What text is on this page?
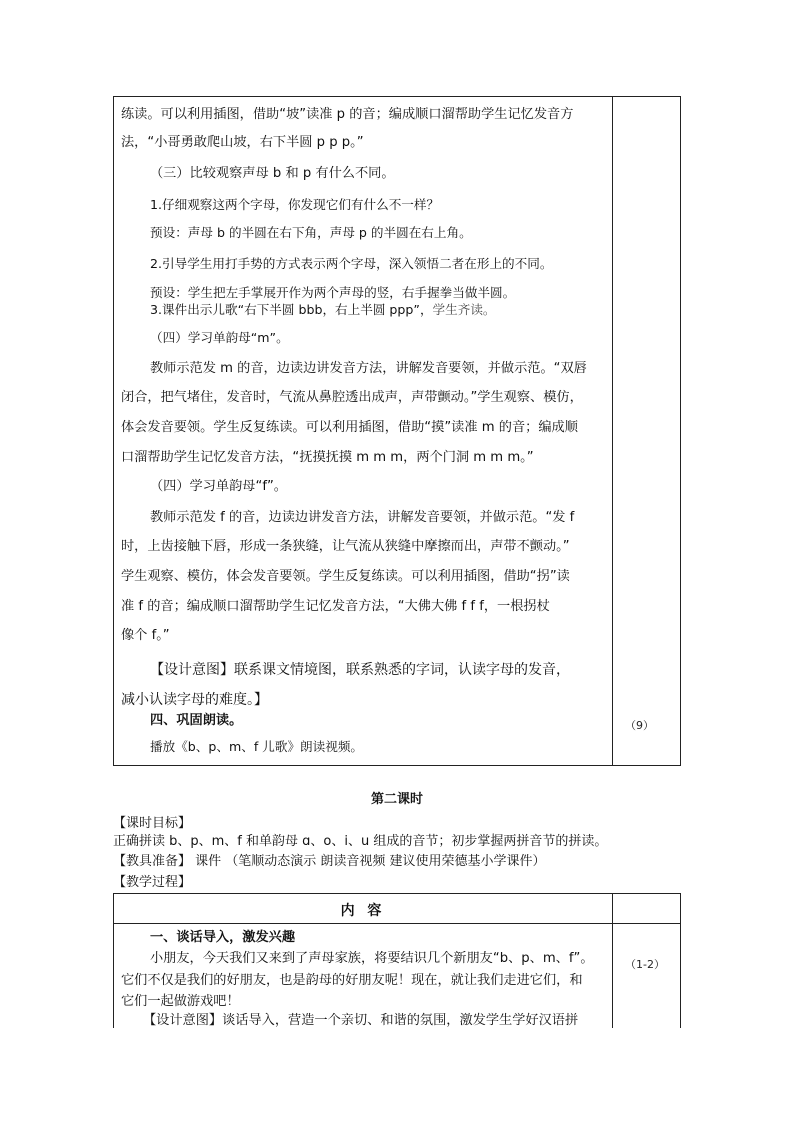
练读。可以利用插图，借助“坡”读准 p 的音；编成顺口溜帮助学生记忆发音方
法，“小哥勇敢爬山坡，右下半圆 p p p。”
（三）比较观察声母 b 和 p 有什么不同。
1.仔细观察这两个字母，你发现它们有什么不一样？
预设：声母 b 的半圆在右下角，声母 p 的半圆在右上角。
2.引导学生用打手势的方式表示两个字母，深入领悟二者在形上的不同。
预设：学生把左手掌展开作为两个声母的竖，右手握拳当做半圆。
3.课件出示儿歌“右下半圆 bbb，右上半圆 ppp”，学生齐读。
（四）学习单韵母“m”。
教师示范发 m 的音，边读边讲发音方法，讲解发音要领，并做示范。“双唇
闭合，把气堵住，发音时，气流从鼻腔透出成声，声带颤动。”学生观察、模仿，
体会发音要领。学生反复练读。可以利用插图，借助“摸”读准 m 的音；编成顺
口溜帮助学生记忆发音方法，“抚摸抚摸 m m m，两个门洞 m m m。”
（四）学习单韵母“f”。
教师示范发 f 的音，边读边讲发音方法，讲解发音要领，并做示范。“发 f
时，上齿接触下唇，形成一条狭缝，让气流从狭缝中摩擦而出，声带不颤动。”
学生观察、模仿，体会发音要领。学生反复练读。可以利用插图，借助“拐”读
准 f 的音；编成顺口溜帮助学生记忆发音方法，“大佛大佛 f f f，一根拐杖
像个 f。”
【设计意图】联系课文情境图，联系熟悉的字词，认读字母的发音，
减小认读字母的难度。】
四、巩固朗读。
播放《b、p、m、f 儿歌》朗读视频。
（9）
第二课时
【课时目标】
正确拼读 b、p、m、f 和单韵母 ɑ、o、i、u 组成的音节；初步掌握两拼音节的拼读。
【教具准备】 课件 （笔顺动态演示 朗读音视频 建议使用荣德基小学课件）
【教学过程】
内 容
一、谈话导入，激发兴趣
小朋友，今天我们又来到了声母家族，将要结识几个新朋友“b、p、m、f”。
它们不仅是我们的好朋友，也是韵母的好朋友呢！现在，就让我们走进它们，和
它们一起做游戏吧！
【设计意图】谈话导入，营造一个亲切、和谐的氛围，激发学生学好汉语拼
（1-2）
